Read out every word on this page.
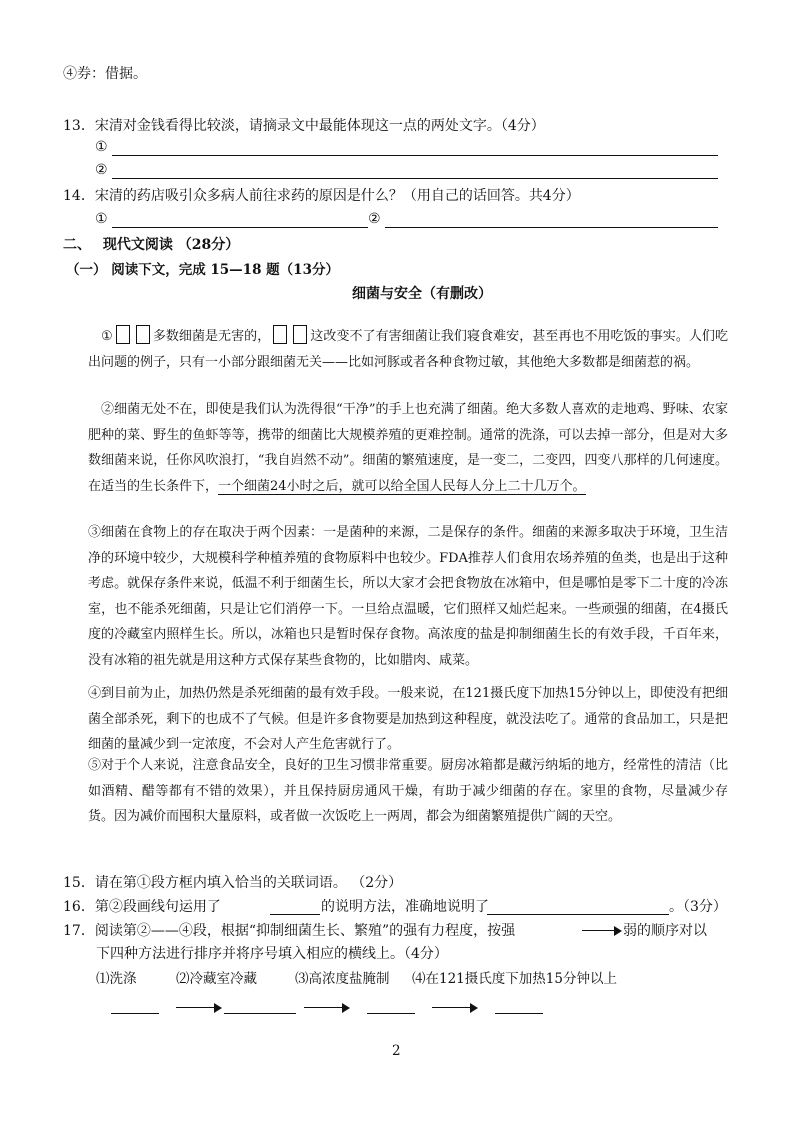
④券：借据。
13．宋清对金钱看得比较淡，请摘录文中最能体现这一点的两处文字。（4分）
①
②
14．宋清的药店吸引众多病人前往求药的原因是什么？（用自己的话回答。共4分）
①	②
二、　 现代文阅读 （28分）
（一） 阅读下文，完成 15—18 题（13分）
细菌与安全（有删改）
①	多数细菌是无害的，	这改变不了有害细菌让我们寝食难安，甚至再也不用吃饭的事实。人们吃出问题的例子，只有一小部分跟细菌无关——比如河豚或者各种食物过敏，其他绝大多数都是细菌惹的祸。
②细菌无处不在，即使是我们认为洗得很“干净”的手上也充满了细菌。绝大多数人喜欢的走地鸡、野味、农家肥种的菜、野生的鱼虾等等，携带的细菌比大规模养殖的更难控制。通常的洗涤，可以去掉一部分，但是对大多数细菌来说，任你风吹浪打，“我自岿然不动”。细菌的繁殖速度，是一变二，二变四，四变八那样的几何速度。在适当的生长条件下，一个细菌24小时之后，就可以给全国人民每人分上二十几万个。
③细菌在食物上的存在取决于两个因素：一是菌种的来源，二是保存的条件。细菌的来源多取决于环境，卫生洁净的环境中较少，大规模科学种植养殖的食物原料中也较少。FDA推荐人们食用农场养殖的鱼类，也是出于这种考虑。就保存条件来说，低温不利于细菌生长，所以大家才会把食物放在冰箱中，但是哪怕是零下二十度的冷冻室，也不能杀死细菌，只是让它们消停一下。一旦给点温暖，它们照样又灿烂起来。一些顽强的细菌，在4摄氏度的冷藏室内照样生长。所以，冰箱也只是暂时保存食物。高浓度的盐是抑制细菌生长的有效手段，千百年来，没有冰箱的祖先就是用这种方式保存某些食物的，比如腊肉、咸菜。
④到目前为止，加热仍然是杀死细菌的最有效手段。一般来说，在121摄氏度下加热15分钟以上，即使没有把细菌全部杀死，剩下的也成不了气候。但是许多食物要是加热到这种程度，就没法吃了。通常的食品加工，只是把细菌的量减少到一定浓度，不会对人产生危害就行了。
⑤对于个人来说，注意食品安全，良好的卫生习惯非常重要。厨房冰箱都是藏污纳垢的地方，经常性的清洁（比如酒精、醋等都有不错的效果），并且保持厨房通风干燥，有助于减少细菌的存在。家里的食物，尽量减少存货。因为减价而囤积大量原料，或者做一次饭吃上一两周，都会为细菌繁殖提供广阔的天空。
15．请在第①段方框内填入恰当的关联词语。 （2分）
16．第②段画线句运用了	的说明方法，准确地说明了	。（3分）
17．阅读第②——④段，根据“抑制细菌生长、繁殖”的强有力程度，按强	弱的顺序对以
下四种方法进行排序并将序号填入相应的横线上。（4分）
⑴洗涤	⑵冷藏室冷藏	⑶高浓度盐腌制 ⑷在121摄氏度下加热15分钟以上
2
